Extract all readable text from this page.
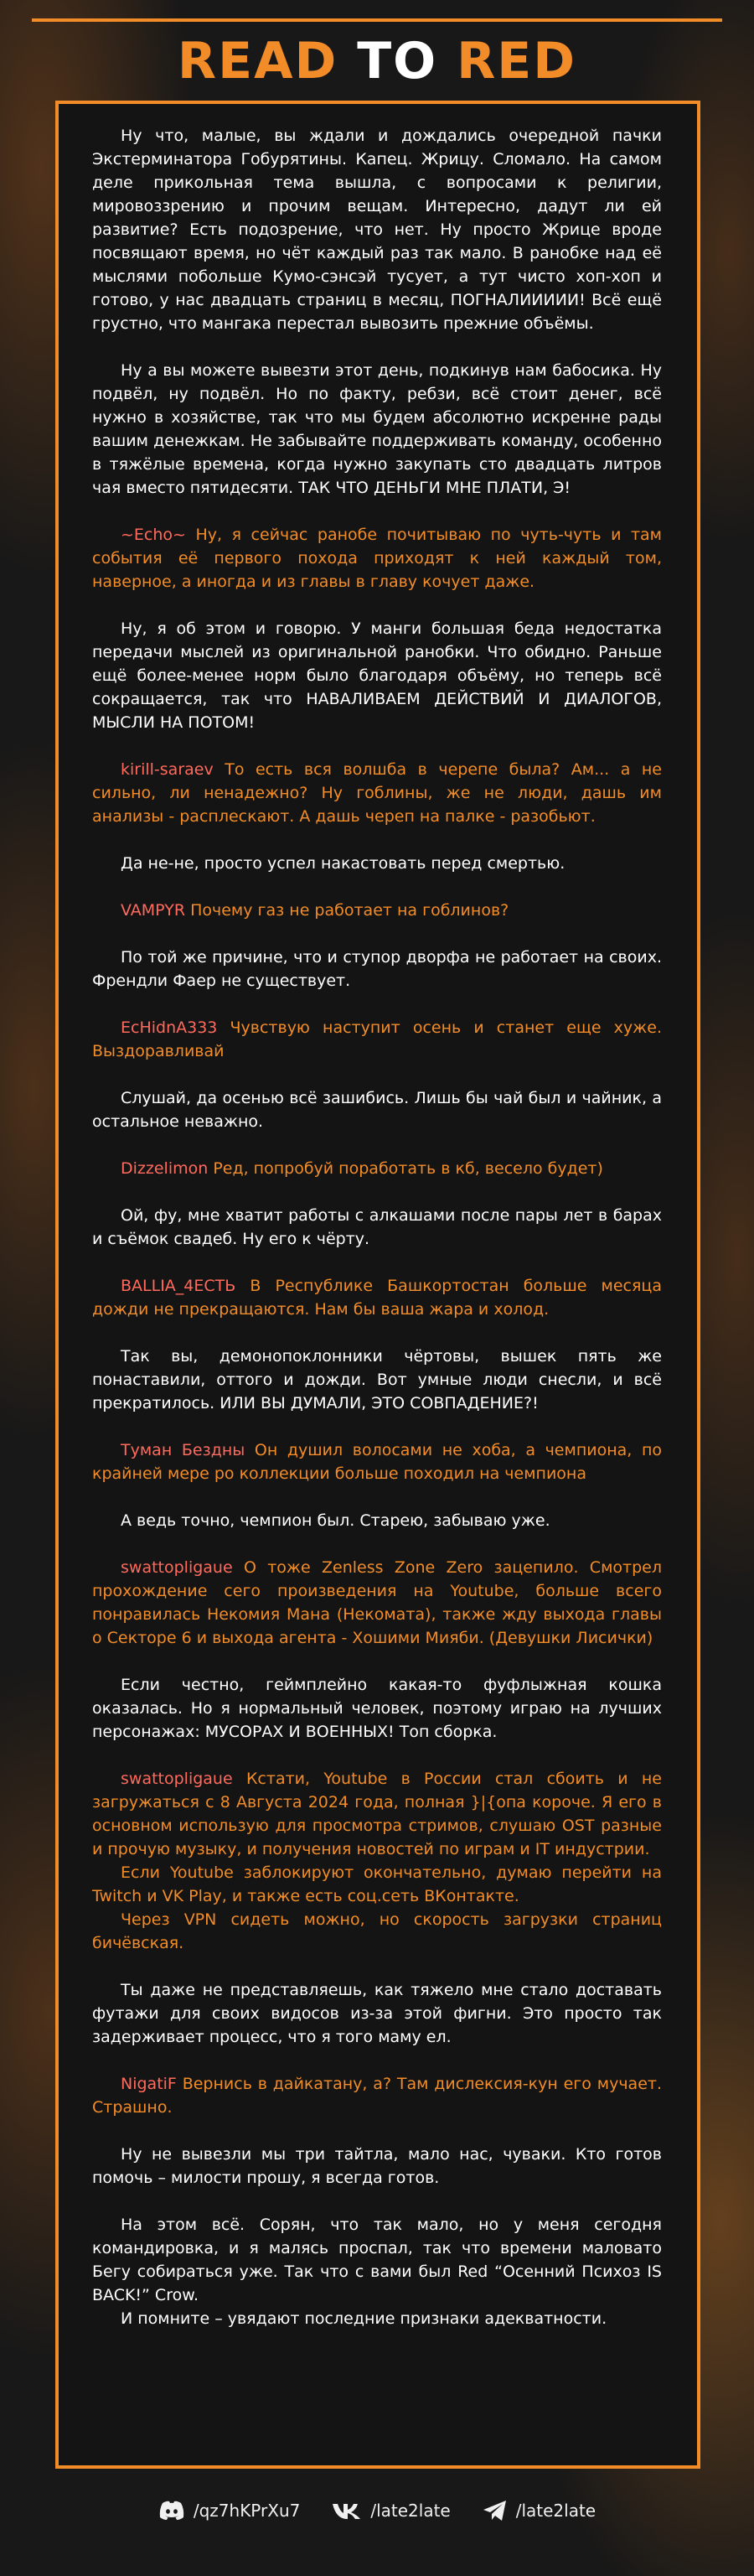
READ TO RED

Ну что, малые, вы ждали и дождались очередной пачки Экстерминатора Гобурятины. Капец. Жрицу. Сломало. На самом деле прикольная тема вышла, с вопросами к религии, мировоззрению и прочим вещам. Интересно, дадут ли ей развитие? Есть подозрение, что нет. Ну просто Жрице вроде посвящают время, но чёт каждый раз так мало. В ранобке над её мыслями побольше Кумо-сэнсэй тусует, а тут чисто хоп-хоп и готово, у нас двадцать страниц в месяц, ПОГНАЛИИИИИ! Всё ещё грустно, что мангака перестал вывозить прежние объёмы.

Ну а вы можете вывезти этот день, подкинув нам бабосика. Ну подвёл, ну подвёл. Но по факту, ребзи, всё стоит денег, всё нужно в хозяйстве, так что мы будем абсолютно искренне рады вашим денежкам. Не забывайте поддерживать команду, особенно в тяжёлые времена, когда нужно закупать сто двадцать литров чая вместо пятидесяти. ТАК ЧТО ДЕНЬГИ МНЕ ПЛАТИ, Э!

~Echo~ Ну, я сейчас ранобе почитываю по чуть-чуть и там события её первого похода приходят к ней каждый том, наверное, а иногда и из главы в главу кочует даже.

Ну, я об этом и говорю. У манги большая беда недостатка передачи мыслей из оригинальной ранобки. Что обидно. Раньше ещё более-менее норм было благодаря объёму, но теперь всё сокращается, так что НАВАЛИВАЕМ ДЕЙСТВИЙ И ДИАЛОГОВ, МЫСЛИ НА ПОТОМ!

kirill-saraev То есть вся волшба в черепе была? Ам... а не сильно, ли ненадежно? Ну гоблины, же не люди, дашь им анализы - расплескают. А дашь череп на палке - разобьют.

Да не-не, просто успел накастовать перед смертью.

VAMPYR Почему газ не работает на гоблинов?

По той же причине, что и ступор дворфа не работает на своих. Френдли Фаер не существует.

EcHidnA333 Чувствую наступит осень и станет еще хуже. Выздоравливай

Слушай, да осенью всё зашибись. Лишь бы чай был и чайник, а остальное неважно.

Dizzelimon Ред, попробуй поработать в кб, весело будет)

Ой, фу, мне хватит работы с алкашами после пары лет в барах и съёмок свадеб. Ну его к чёрту.

BALLIA_4ЕСТЬ В Республике Башкортостан больше месяца дожди не прекращаются. Нам бы ваша жара и холод.

Так вы, демонопоклонники чёртовы, вышек пять же понаставили, оттого и дожди. Вот умные люди снесли, и всё прекратилось. ИЛИ ВЫ ДУМАЛИ, ЭТО СОВПАДЕНИЕ?!

Туман Бездны Он душил волосами не хоба, а чемпиона, по крайней мере ро коллекции больше походил на чемпиона

А ведь точно, чемпион был. Старею, забываю уже.

swattopligaue О тоже Zenless Zone Zero зацепило. Смотрел прохождение сего произведения на Youtube, больше всего понравилась Некомия Мана (Некомата), также жду выхода главы о Секторе 6 и выхода агента - Хошими Мияби. (Девушки Лисички)

Если честно, геймплейно какая-то фуфлыжная кошка оказалась. Но я нормальный человек, поэтому играю на лучших персонажах: МУСОРАХ И ВОЕННЫХ! Топ сборка.

swattopligaue Кстати, Youtube в России стал сбоить и не загружаться с 8 Августа 2024 года, полная }|{опа короче. Я его в основном использую для просмотра стримов, слушаю OST разные и прочую музыку, и получения новостей по играм и IT индустрии.
Если Youtube заблокируют окончательно, думаю перейти на Twitch и VK Play, и также есть соц.сеть ВКонтакте.
Через VPN сидеть можно, но скорость загрузки страниц бичёвская.

Ты даже не представляешь, как тяжело мне стало доставать футажи для своих видосов из-за этой фигни. Это просто так задерживает процесс, что я того маму ел.

NigatiF Вернись в дайкатану, а? Там дислексия-кун его мучает. Страшно.

Ну не вывезли мы три тайтла, мало нас, чуваки. Кто готов помочь – милости прошу, я всегда готов.

На этом всё. Сорян, что так мало, но у меня сегодня командировка, и я малясь проспал, так что времени маловато Бегу собираться уже. Так что с вами был Red “Осенний Психоз IS BACK!” Crow.
И помните – увядают последние признаки адекватности.

/qz7hKPrXu7	/late2late	/late2late
